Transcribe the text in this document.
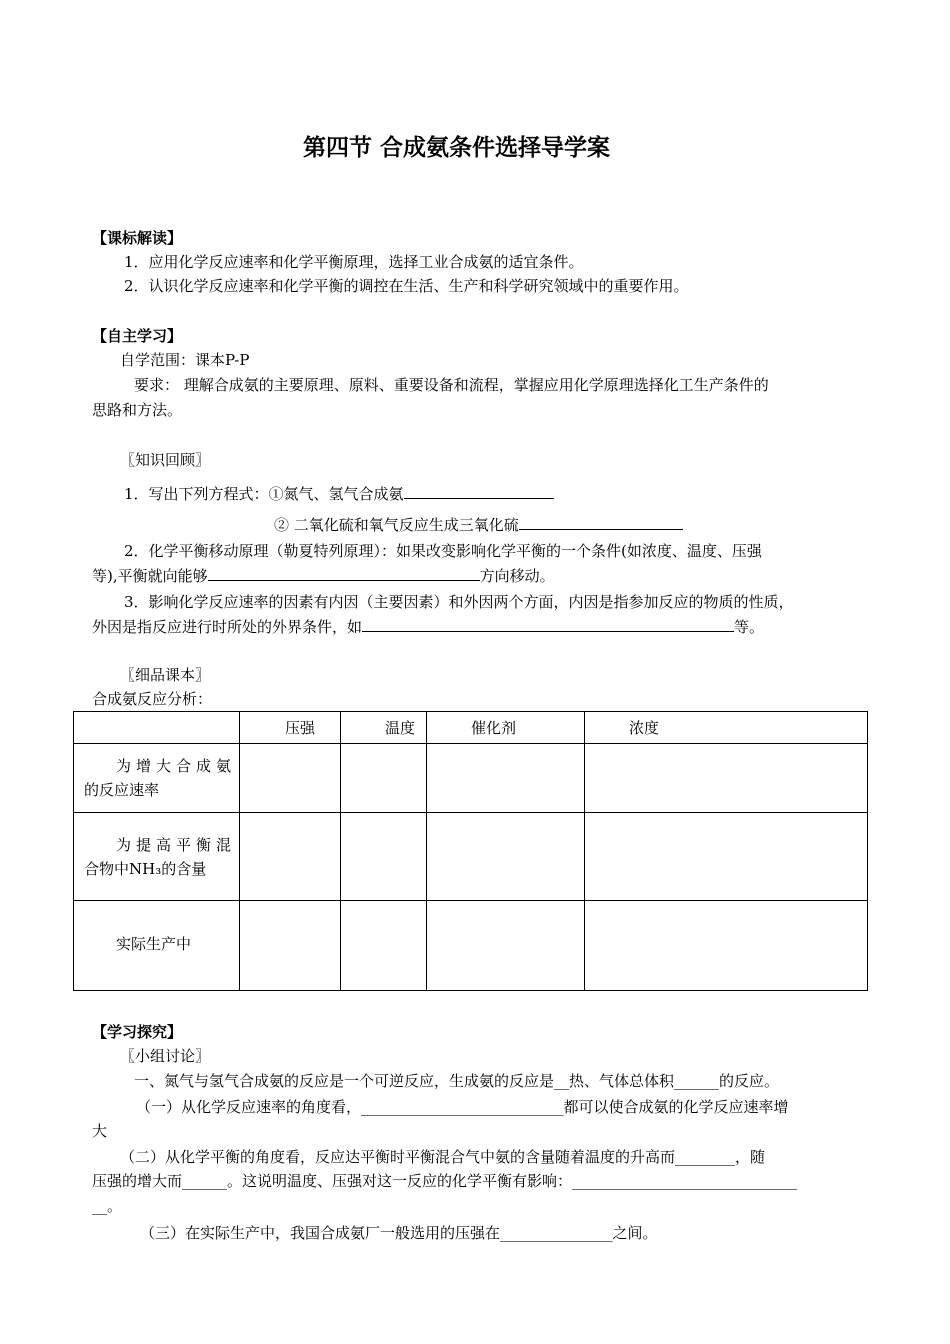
第四节 合成氨条件选择导学案
【课标解读】
1．应用化学反应速率和化学平衡原理，选择工业合成氨的适宜条件。
2．认识化学反应速率和化学平衡的调控在生活、生产和科学研究领域中的重要作用。
【自主学习】
自学范围：课本P-P
要求： 理解合成氨的主要原理、原料、重要设备和流程，掌握应用化学原理选择化工生产条件的
思路和方法。
〖知识回顾〗
1．写出下列方程式：①氮气、氢气合成氨
② 二氧化硫和氧气反应生成三氧化硫
2．化学平衡移动原理（勒夏特列原理）：如果改变影响化学平衡的一个条件(如浓度、温度、压强
等),平衡就向能够	方向移动。
3．影响化学反应速率的因素有内因（主要因素）和外因两个方面，内因是指参加反应的物质的性质，
外因是指反应进行时所处的外界条件，如	等。
〖细品课本〗
合成氨反应分析：
	压强	温度	催化剂	浓度

为增大合成氨
的反应速率				

为提高平衡混
合物中NH₃的含量				
实际生产中				
【学习探究】
〖小组讨论〗
一、氮气与氢气合成氨的反应是一个可逆反应，生成氨的反应是__热、气体总体积______的反应。
（一）从化学反应速率的角度看，___________________________都可以使合成氨的化学反应速率增
大
（二）从化学平衡的角度看，反应达平衡时平衡混合气中氨的含量随着温度的升高而________，随
压强的增大而______。这说明温度、压强对这一反应的化学平衡有影响：______________________________
__。
（三）在实际生产中，我国合成氨厂一般选用的压强在_______________之间。
